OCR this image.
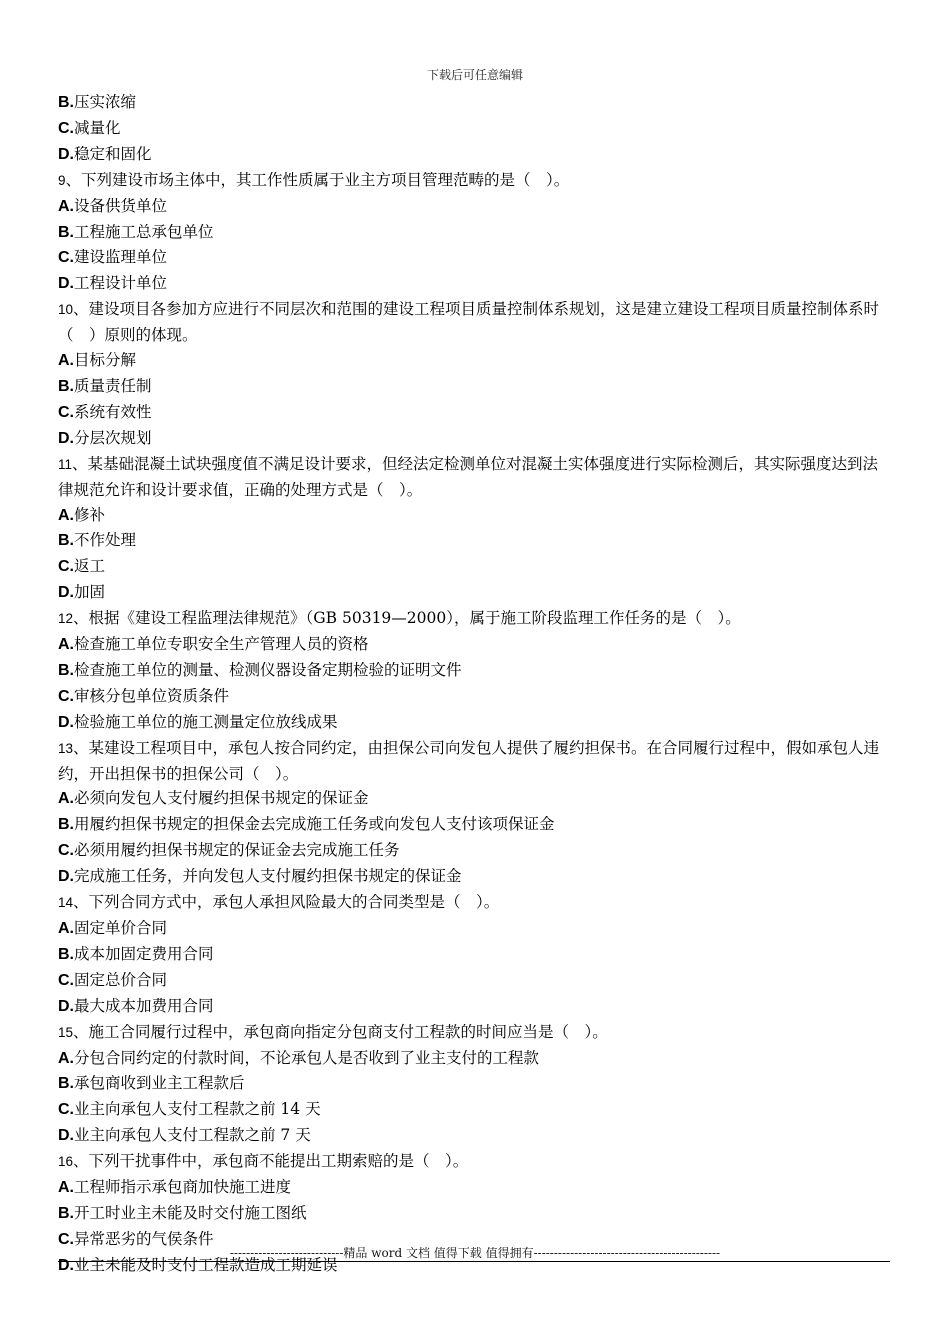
下载后可任意编辑
B.压实浓缩
C.减量化
D.稳定和固化
9、下列建设市场主体中，其工作性质属于业主方项目管理范畴的是（　）。
A.设备供货单位
B.工程施工总承包单位
C.建设监理单位
D.工程设计单位
10、建设项目各参加方应进行不同层次和范围的建设工程项目质量控制体系规划，这是建立建设工程项目质量控制体系时（　）原则的体现。
A.目标分解
B.质量责任制
C.系统有效性
D.分层次规划
11、某基础混凝土试块强度值不满足设计要求，但经法定检测单位对混凝土实体强度进行实际检测后，其实际强度达到法律规范允许和设计要求值，正确的处理方式是（　）。
A.修补
B.不作处理
C.返工
D.加固
12、根据《建设工程监理法律规范》（GB 50319—2000），属于施工阶段监理工作任务的是（　）。
A.检查施工单位专职安全生产管理人员的资格
B.检查施工单位的测量、检测仪器设备定期检验的证明文件
C.审核分包单位资质条件
D.检验施工单位的施工测量定位放线成果
13、某建设工程项目中，承包人按合同约定，由担保公司向发包人提供了履约担保书。在合同履行过程中，假如承包人违约，开出担保书的担保公司（　）。
A.必须向发包人支付履约担保书规定的保证金
B.用履约担保书规定的担保金去完成施工任务或向发包人支付该项保证金
C.必须用履约担保书规定的保证金去完成施工任务
D.完成施工任务，并向发包人支付履约担保书规定的保证金
14、下列合同方式中，承包人承担风险最大的合同类型是（　）。
A.固定单价合同
B.成本加固定费用合同
C.固定总价合同
D.最大成本加费用合同
15、施工合同履行过程中，承包商向指定分包商支付工程款的时间应当是（　）。
A.分包合同约定的付款时间，不论承包人是否收到了业主支付的工程款
B.承包商收到业主工程款后
C.业主向承包人支付工程款之前 14 天
D.业主向承包人支付工程款之前 7 天
16、下列干扰事件中，承包商不能提出工期索赔的是（　）。
A.工程师指示承包商加快施工进度
B.开工时业主未能及时交付施工图纸
C.异常恶劣的气侯条件
D.业主未能及时支付工程款造成工期延误
----------------------------精品 word 文档 值得下载 值得拥有----------------------------------------------
